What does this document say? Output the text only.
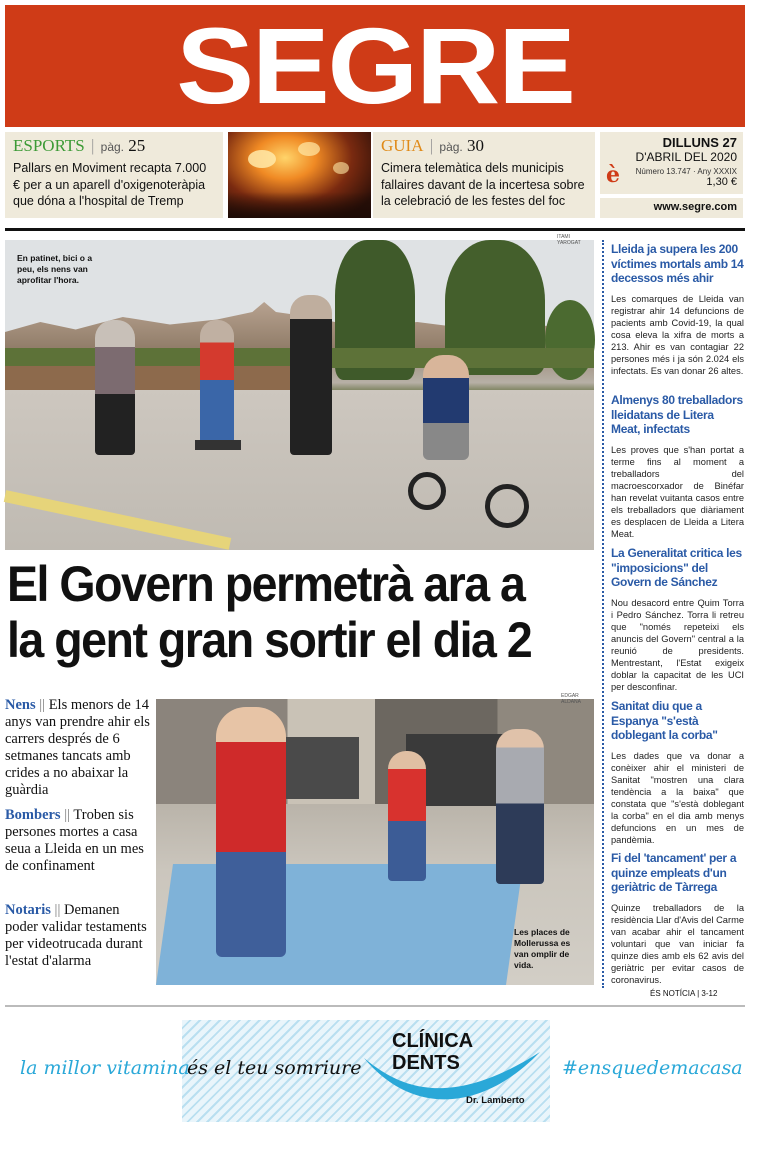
SEGRE
ESPORTS | pàg. 25
Pallars en Moviment recapta 7.000 € per a un aparell d'oxigenoteràpia que dóna a l'hospital de Tremp
GUIA | pàg. 30
Cimera telemàtica dels municipis fallaires davant de la incertesa sobre la celebració de les festes del foc
è
DILLUNS 27
D'ABRIL DEL 2020
Número 13.747 · Any XXXIX
1,30 €
www.segre.com
ITAMI YAROGAT
En patinet, bici o a peu, els nens van aprofitar l'hora.
El Govern permetrà ara a
la gent gran sortir el dia 2
Nens || Els menors de 14 anys van prendre ahir els carrers després de 6 setmanes tancats amb crides a no abaixar la guàrdia
Bombers || Troben sis persones mortes a casa seua a Lleida en un mes de confinament
Notaris || Demanen poder validar testaments per videotrucada durant l'estat d'alarma
EDGAR ALDANA
Les places de Mollerussa es van omplir de vida.
Lleida ja supera les 200 víctimes mortals amb 14 decessos més ahir
Les comarques de Lleida van registrar ahir 14 defuncions de pacients amb Covid-19, la qual cosa eleva la xifra de morts a 213. Ahir es van contagiar 22 persones més i ja són 2.024 els infectats. Es van donar 26 altes.
Almenys 80 treballadors lleidatans de Litera Meat, infectats
Les proves que s'han portat a terme fins al moment a treballadors del macroescorxador de Binéfar han revelat vuitanta casos entre els treballadors que diàriament es desplacen de Lleida a Litera Meat.
La Generalitat critica les "imposicions" del Govern de Sánchez
Nou desacord entre Quim Torra i Pedro Sánchez. Torra li retreu que "només repeteixi els anuncis del Govern" central a la reunió de presidents. Mentrestant, l'Estat exigeix doblar la capacitat de les UCI per desconfinar.
Sanitat diu que a Espanya "s'està doblegant la corba"
Les dades que va donar a conèixer ahir el ministeri de Sanitat "mostren una clara tendència a la baixa" que constata que "s'està doblegant la corba" en el dia amb menys defuncions en un mes de pandèmia.
Fi del 'tancament' per a quinze empleats d'un geriàtric de Tàrrega
Quinze treballadors de la residència Llar d'Avis del Carme van acabar ahir el tancament voluntari que van iniciar fa quinze dies amb els 62 avis del geriàtric per evitar casos de coronavirus.
ÉS NOTÍCIA | 3-12
la millor vitamina
és el teu somriure
CLÍNICA
DENTS
Dr. Lamberto
#ensquedemacasa
